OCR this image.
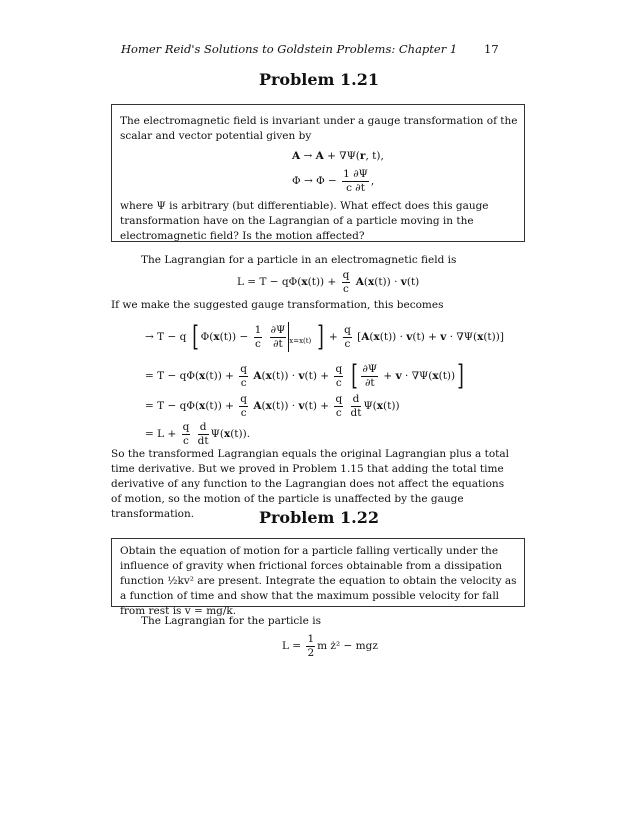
Homer Reid's Solutions to Goldstein Problems: Chapter 1 17
Problem 1.21
The electromagnetic field is invariant under a gauge transformation of the scalar and vector potential given by
A → A + ∇Ψ(r, t),
$\Phi \to \Phi - \frac{1 \partial\Psi}{c \partial t}$ ,
where Ψ is arbitrary (but differentiable). What effect does this gauge transformation have on the Lagrangian of a particle moving in the electromagnetic field? Is the motion affected?
The Lagrangian for a particle in an electromagnetic field is
$L = T - q\Phi(x(t)) + \frac{q}{c} A(x(t)) \cdot v(t)$
If we make the suggested gauge transformation, this becomes
→ T − q [ $\Phi(x(t)) - \frac{1}{c}$
$\frac{\partial\Psi}{\partial t} _{x=x(t)}$ ] + $\frac{q}{c} [A(x(t)) \cdot v(t) + v \cdot \nabla\Psi(x(t))]$
= $T - q\Phi(x(t)) + \frac{q}{c} A(x(t)) \cdot v(t) + \frac{q}{c}$ [ $\frac{\partial\Psi}{\partial t} + v \cdot \nabla\Psi(x(t))$]
= $T - q\Phi(x(t)) + \frac{q}{c} A(x(t)) \cdot v(t) + \frac{q}{c}$
$\frac{d}{dt} \Psi(x(t))$
= $L + \frac{q}{c}$
$\frac{d}{dt} \Psi(x(t))$.
So the transformed Lagrangian equals the original Lagrangian plus a total time derivative. But we proved in Problem 1.15 that adding the total time derivative of any function to the Lagrangian does not affect the equations of motion, so the motion of the particle is unaffected by the gauge transformation.	Problem 1.22
Obtain the equation of motion for a particle falling vertically under the influence of gravity when frictional forces obtainable from a dissipation function ½kv² are present. Integrate the equation to obtain the velocity as a function of time and show that the maximum possible velocity for fall from rest is v = mg/k.
The Lagrangian for the particle is
$L = \frac{1}{2}$ m ż² − mgz
